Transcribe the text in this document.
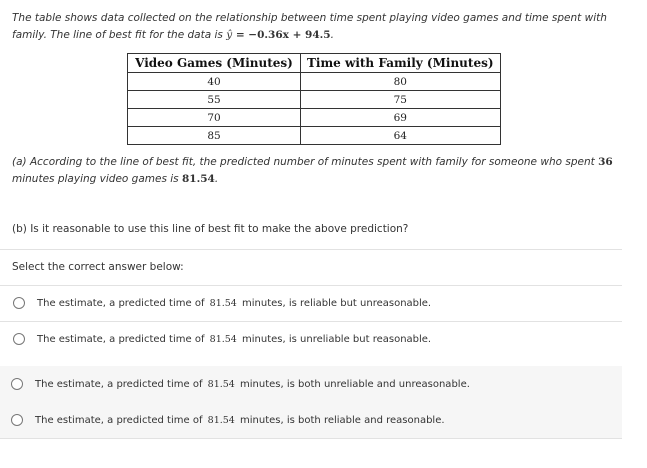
The table shows data collected on the relationship between time spent playing video games and time spent with family. The line of best fit for the data is ŷ = −0.36x + 94.5.
Video Games (Minutes)	Time with Family (Minutes)
40	80
55	75
70	69
85	64
(a) According to the line of best fit, the predicted number of minutes spent with family for someone who spent 36 minutes playing video games is 81.54.
(b) Is it reasonable to use this line of best fit to make the above prediction?
Select the correct answer below:
The estimate, a predicted time of 81.54 minutes, is reliable but unreasonable.
The estimate, a predicted time of 81.54 minutes, is unreliable but reasonable.
The estimate, a predicted time of 81.54 minutes, is both unreliable and unreasonable.
The estimate, a predicted time of 81.54 minutes, is both reliable and reasonable.
